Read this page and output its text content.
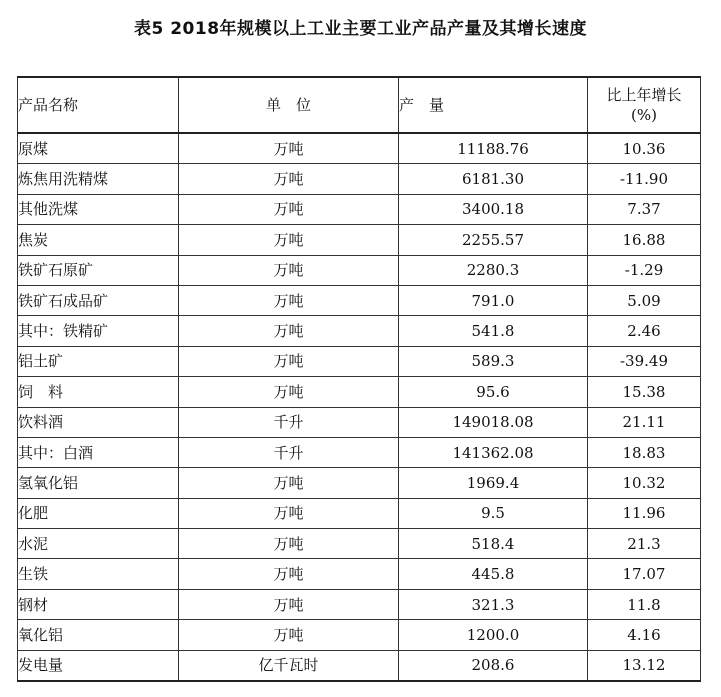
表5 2018年规模以上工业主要工业产品产量及其增长速度
产品名称	单　位	产　量	比上年增长
(%)

原煤	万吨	11188.76	10.36
炼焦用洗精煤	万吨	6181.30	-11.90
其他洗煤	万吨	3400.18	7.37
焦炭	万吨	2255.57	16.88
铁矿石原矿	万吨	2280.3	-1.29
铁矿石成品矿	万吨	791.0	5.09
其中：铁精矿	万吨	541.8	2.46
铝土矿	万吨	589.3	-39.49
饲　料	万吨	95.6	15.38
饮料酒	千升	149018.08	21.11
其中：白酒	千升	141362.08	18.83
氢氧化铝	万吨	1969.4	10.32
化肥	万吨	9.5	11.96
水泥	万吨	518.4	21.3
生铁	万吨	445.8	17.07
钢材	万吨	321.3	11.8
氧化铝	万吨	1200.0	4.16
发电量	亿千瓦时	208.6	13.12
